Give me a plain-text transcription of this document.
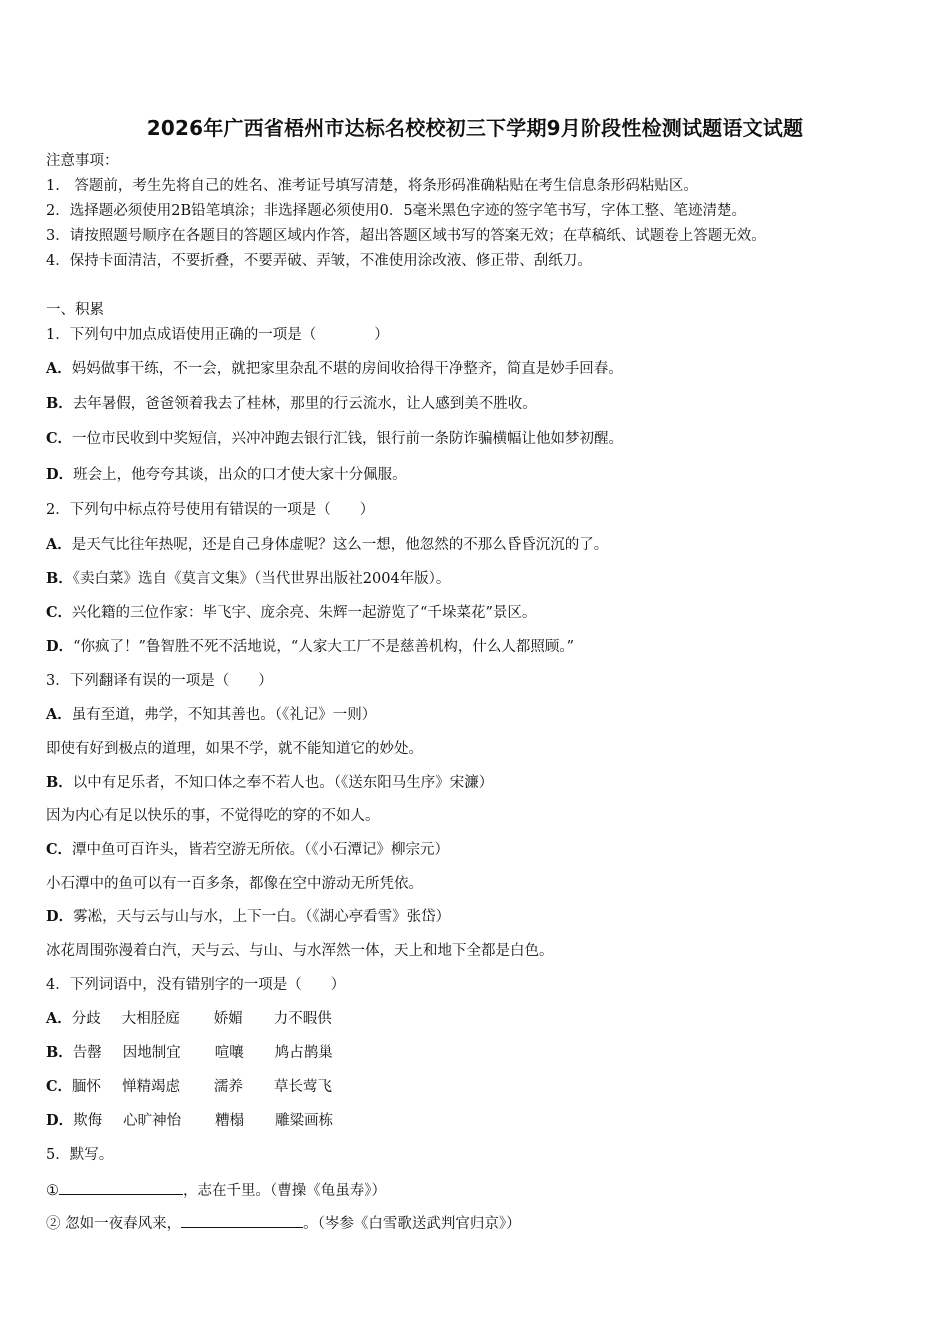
2026年广西省梧州市达标名校校初三下学期9月阶段性检测试题语文试题
注意事项：
1.　答题前，考生先将自己的姓名、准考证号填写清楚，将条形码准确粘贴在考生信息条形码粘贴区。
2．选择题必须使用2B铅笔填涂；非选择题必须使用0．5毫米黑色字迹的签字笔书写，字体工整、笔迹清楚。
3．请按照题号顺序在各题目的答题区域内作答，超出答题区域书写的答案无效；在草稿纸、试题卷上答题无效。
4．保持卡面清洁，不要折叠，不要弄破、弄皱，不准使用涂改液、修正带、刮纸刀。
一、积累
1．下列句中加点成语使用正确的一项是（　　　　）
A．妈妈做事干练，不一会，就把家里杂乱不堪的房间收拾得干净整齐，简直是妙手回春。
B．去年暑假，爸爸领着我去了桂林，那里的行云流水，让人感到美不胜收。
C．一位市民收到中奖短信，兴冲冲跑去银行汇钱，银行前一条防诈骗横幅让他如梦初醒。
D．班会上，他夸夸其谈，出众的口才使大家十分佩服。
2．下列句中标点符号使用有错误的一项是（　　）
A．是天气比往年热呢，还是自己身体虚呢？这么一想，他忽然的不那么昏昏沉沉的了。
B．《卖白菜》选自《莫言文集》（当代世界出版社2004年版）。
C．兴化籍的三位作家：毕飞宇、庞余亮、朱辉一起游览了“千垛菜花”景区。
D．“你疯了！”鲁智胜不死不活地说，“人家大工厂不是慈善机构，什么人都照顾。”
3．下列翻译有误的一项是（　　）
A．虽有至道，弗学，不知其善也。（《礼记》一则）
即使有好到极点的道理，如果不学，就不能知道它的妙处。
B．以中有足乐者，不知口体之奉不若人也。（《送东阳马生序》宋濂）
因为内心有足以快乐的事，不觉得吃的穿的不如人。
C．潭中鱼可百许头，皆若空游无所依。（《小石潭记》柳宗元）
小石潭中的鱼可以有一百多条，都像在空中游动无所凭依。
D．雾凇，天与云与山与水，上下一白。（《湖心亭看雪》张岱）
冰花周围弥漫着白汽，天与云、与山、与水浑然一体，天上和地下全都是白色。
4．下列词语中，没有错别字的一项是（　　）
A．分歧 大相胫庭 娇媚 力不暇供
B．告罄 因地制宜 喧嚷 鸠占鹊巢
C．腼怀 惮精竭虑 濡养 草长莺飞
D．欺侮 心旷神怡 糟榻 雕粱画栋
5．默写。
①	，志在千里。（曹操《龟虽寿》）
② 忽如一夜春风来，	。（岑参《白雪歌送武判官归京》）
